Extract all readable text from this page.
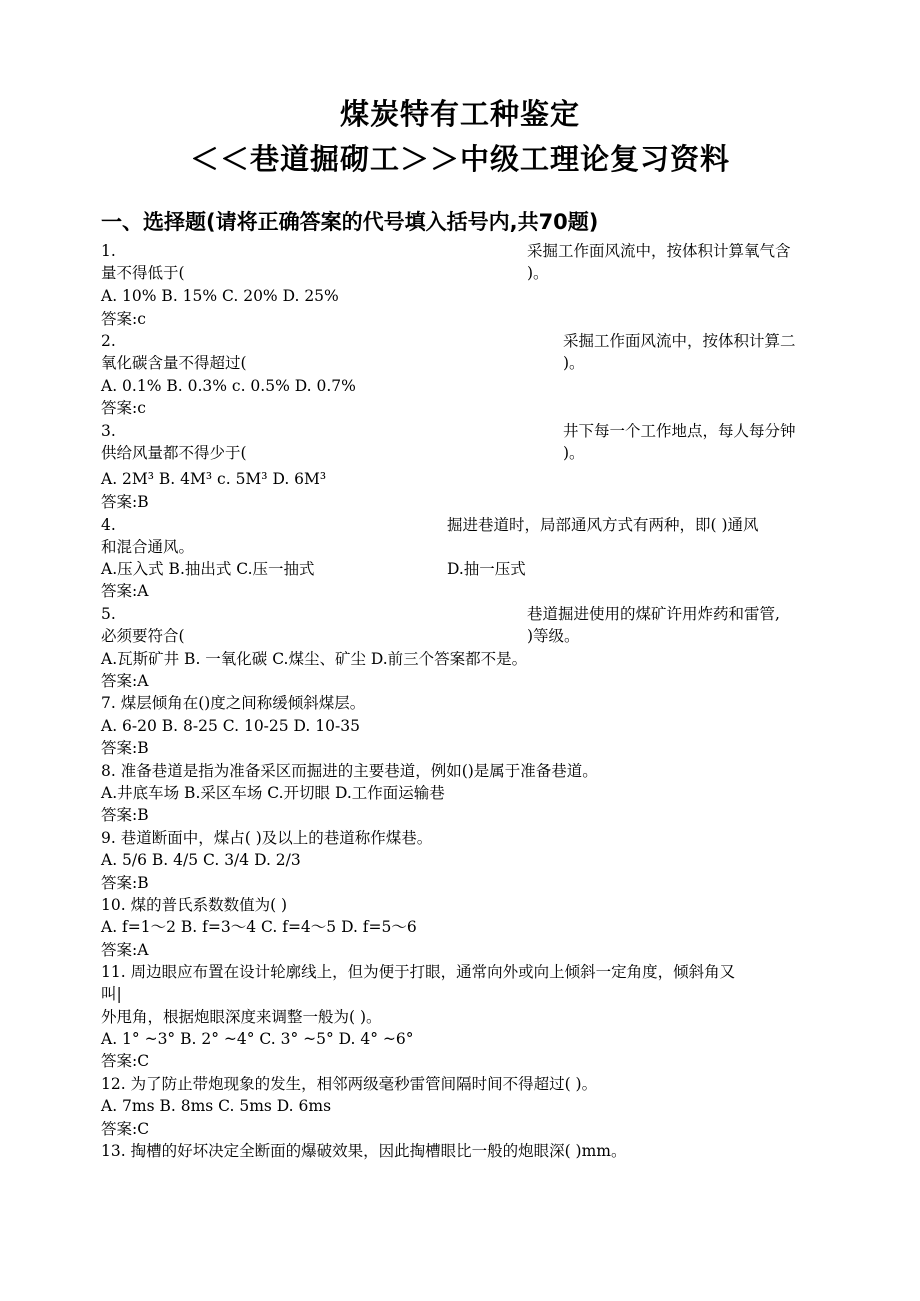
煤炭特有工种鉴定
＜＜巷道掘砌工＞＞中级工理论复习资料
一、选择题(请将正确答案的代号填入括号内,共70题)
1.	采掘工作面风流中，按体积计算氧气含
量不得低于(	)。
A. 10% B. 15% C. 20% D. 25%
答案:c
2.	采掘工作面风流中，按体积计算二
氧化碳含量不得超过(	)。
A. 0.1% B. 0.3% c. 0.5% D. 0.7%
答案:c
3.	井下每一个工作地点，每人每分钟
供给风量都不得少于(	)。
A. 2M³ B. 4M³ c. 5M³ D. 6M³
答案:B
4.	掘进巷道时，局部通风方式有两种，即( )通风
和混合通风。
A.压入式 B.抽出式 C.压一抽式	D.抽一压式
答案:A
5.	巷道掘进使用的煤矿许用炸药和雷管,
必须要符合(	)等级。
A.瓦斯矿井 B. 一氧化碳 C.煤尘、矿尘 D.前三个答案都不是。
答案:A
7. 煤层倾角在()度之间称缓倾斜煤层。
A. 6-20 B. 8-25 C. 10-25 D. 10-35
答案:B
8. 准备巷道是指为准备采区而掘进的主要巷道，例如()是属于准备巷道。
A.井底车场 B.采区车场 C.开切眼 D.工作面运输巷
答案:B
9. 巷道断面中，煤占( )及以上的巷道称作煤巷。
A. 5/6 B. 4/5 C. 3/4 D. 2/3
答案:B
10. 煤的普氏系数数值为( )
A. f=1～2 B. f=3～4 C. f=4～5 D. f=5～6
答案:A
11. 周边眼应布置在设计轮廓线上，但为便于打眼，通常向外或向上倾斜一定角度，倾斜角又
叫|
外甩角，根据炮眼深度来调整一般为( )。
A. 1° ~3° B. 2° ~4° C. 3° ~5° D. 4° ~6°
答案:C
12. 为了防止带炮现象的发生，相邻两级毫秒雷管间隔时间不得超过( )。
A. 7ms B. 8ms C. 5ms D. 6ms
答案:C
13. 掏槽的好坏决定全断面的爆破效果，因此掏槽眼比一般的炮眼深( )mm。
